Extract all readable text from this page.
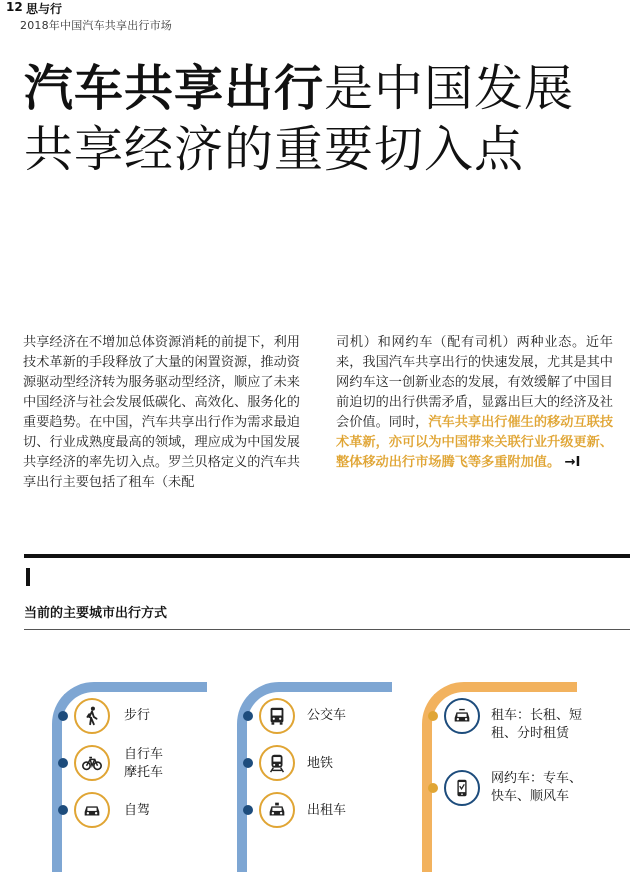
12 思与行
2018年中国汽车共享出行市场
汽车共享出行是中国发展共享经济的重要切入点
共享经济在不增加总体资源消耗的前提下，利用技术革新的手段释放了大量的闲置资源，推动资源驱动型经济转为服务驱动型经济，顺应了未来中国经济与社会发展低碳化、高效化、服务化的重要趋势。在中国，汽车共享出行作为需求最迫切、行业成熟度最高的领域，理应成为中国发展共享经济的率先切入点。罗兰贝格定义的汽车共享出行主要包括了租车（未配
司机）和网约车（配有司机）两种业态。近年来，我国汽车共享出行的快速发展，尤其是其中网约车这一创新业态的发展，有效缓解了中国目前迫切的出行供需矛盾，显露出巨大的经济及社会价值。同时，汽车共享出行催生的移动互联技术革新，亦可以为中国带来关联行业升级更新、整体移动出行市场腾飞等多重附加值。 →I
当前的主要城市出行方式
步行
自行车
摩托车
自驾
公交车
地铁
出租车
租车：长租、短
租、分时租赁
网约车：专车、
快车、顺风车
